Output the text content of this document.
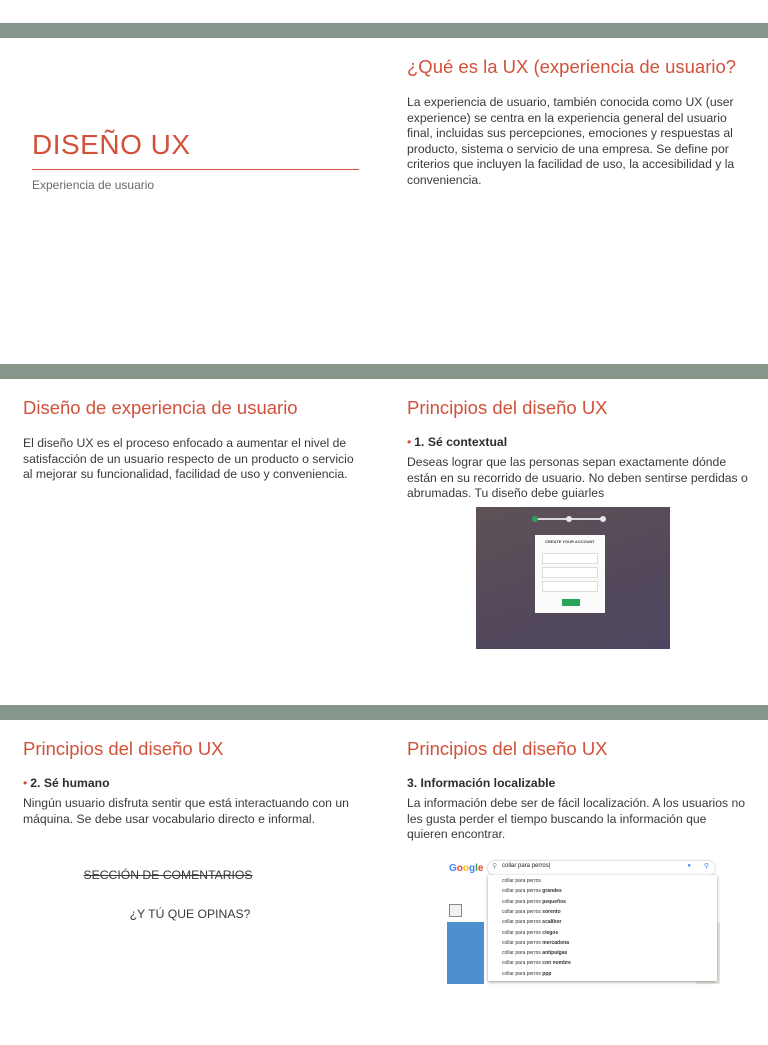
DISEÑO UX
Experiencia de usuario
¿Qué es la UX (experiencia de usuario?
La experiencia de usuario, también conocida como UX (user experience) se centra en la experiencia general del usuario final, incluidas sus percepciones, emociones y respuestas al producto, sistema o servicio de una empresa. Se define por criterios que incluyen la facilidad de uso, la accesibilidad y la conveniencia.
Diseño de experiencia de usuario
El diseño UX es el proceso enfocado a aumentar el nivel de satisfacción de un usuario respecto de un producto o servicio al mejorar su funcionalidad, facilidad de uso y conveniencia.
Principios del diseño UX
• 1. Sé contextual
Deseas lograr que las personas sepan exactamente dónde están en su recorrido de usuario. No deben sentirse perdidas o abrumadas. Tu diseño debe guiarles
CREATE YOUR ACCOUNT
Principios del diseño UX
• 2. Sé humano
Ningún usuario disfruta sentir que está interactuando con un máquina. Se debe usar vocabulario directo e informal.
SECCIÓN DE COMENTARIOS
¿Y TÚ QUE OPINAS?
Principios del diseño UX
3. Información localizable
La información debe ser de fácil localización. A los usuarios no les gusta perder el tiempo buscando la información que quieren encontrar.
Google ⚲ collar para perros|	● ⚲
collar para perros
collar para perros grandes
collar para perros pequeños
collar para perros sorento
collar para perros scalibor
collar para perros ciegos
collar para perros mercadona
collar para perros antipulgas
collar para perros con nombre
collar para perros ppp
